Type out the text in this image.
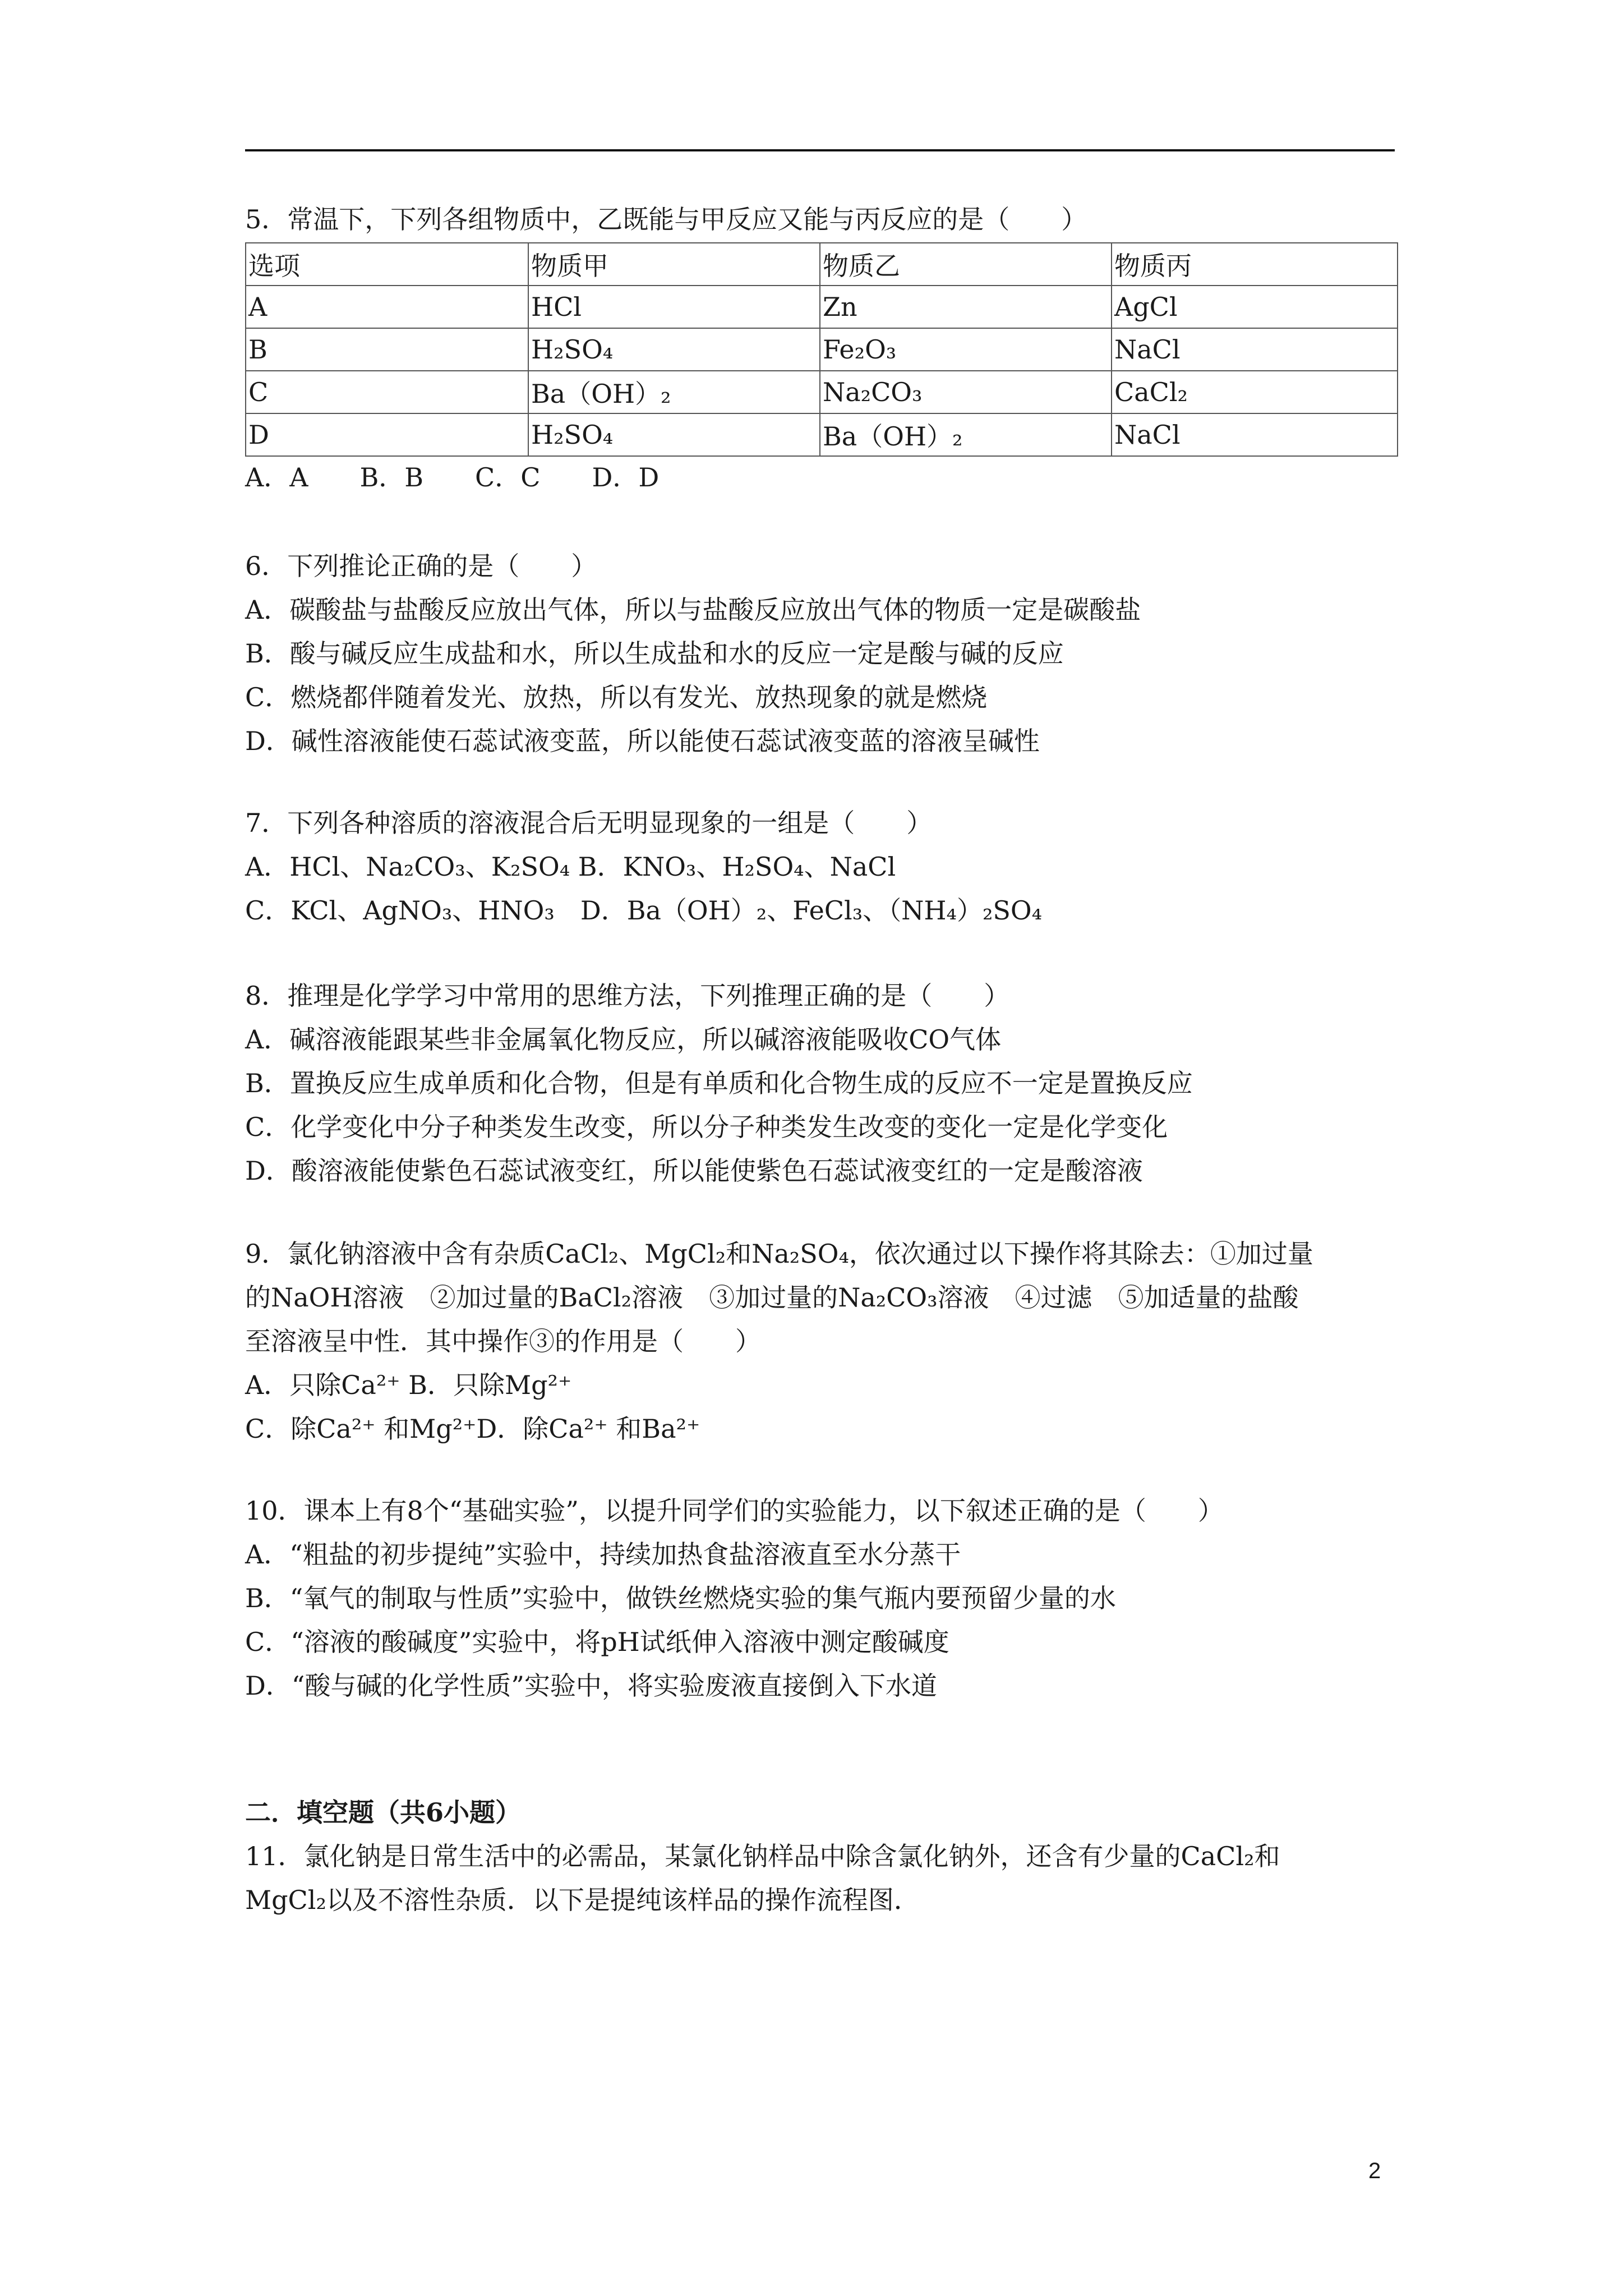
5．常温下，下列各组物质中，乙既能与甲反应又能与丙反应的是（　　）
选项	物质甲	物质乙	物质丙
A	HCl	Zn	AgCl
B	H₂SO₄	Fe₂O₃	NaCl
C	Ba（OH）₂	Na₂CO₃	CaCl₂
D	H₂SO₄	Ba（OH）₂	NaCl
A．A　　B．B　　C．C　　D．D
6．下列推论正确的是（　　）
A．碳酸盐与盐酸反应放出气体，所以与盐酸反应放出气体的物质一定是碳酸盐
B．酸与碱反应生成盐和水，所以生成盐和水的反应一定是酸与碱的反应
C．燃烧都伴随着发光、放热，所以有发光、放热现象的就是燃烧
D．碱性溶液能使石蕊试液变蓝，所以能使石蕊试液变蓝的溶液呈碱性
7．下列各种溶质的溶液混合后无明显现象的一组是（　　）
A．HCl、Na₂CO₃、K₂SO₄ B．KNO₃、H₂SO₄、NaCl
C．KCl、AgNO₃、HNO₃　D．Ba（OH）₂、FeCl₃、（NH₄）₂SO₄
8．推理是化学学习中常用的思维方法，下列推理正确的是（　　）
A．碱溶液能跟某些非金属氧化物反应，所以碱溶液能吸收CO气体
B．置换反应生成单质和化合物，但是有单质和化合物生成的反应不一定是置换反应
C．化学变化中分子种类发生改变，所以分子种类发生改变的变化一定是化学变化
D．酸溶液能使紫色石蕊试液变红，所以能使紫色石蕊试液变红的一定是酸溶液
9．氯化钠溶液中含有杂质CaCl₂、MgCl₂和Na₂SO₄，依次通过以下操作将其除去：①加过量
的NaOH溶液　②加过量的BaCl₂溶液　③加过量的Na₂CO₃溶液　④过滤　⑤加适量的盐酸
至溶液呈中性．其中操作③的作用是（　　）
A．只除Ca²⁺ B．只除Mg²⁺
C．除Ca²⁺ 和Mg²⁺D．除Ca²⁺ 和Ba²⁺
10．课本上有8个“基础实验”，以提升同学们的实验能力，以下叙述正确的是（　　）
A．“粗盐的初步提纯”实验中，持续加热食盐溶液直至水分蒸干
B．“氧气的制取与性质”实验中，做铁丝燃烧实验的集气瓶内要预留少量的水
C．“溶液的酸碱度”实验中，将pH试纸伸入溶液中测定酸碱度
D．“酸与碱的化学性质”实验中，将实验废液直接倒入下水道
二．填空题（共6小题）
11．氯化钠是日常生活中的必需品，某氯化钠样品中除含氯化钠外，还含有少量的CaCl₂和
MgCl₂以及不溶性杂质．以下是提纯该样品的操作流程图．
2
